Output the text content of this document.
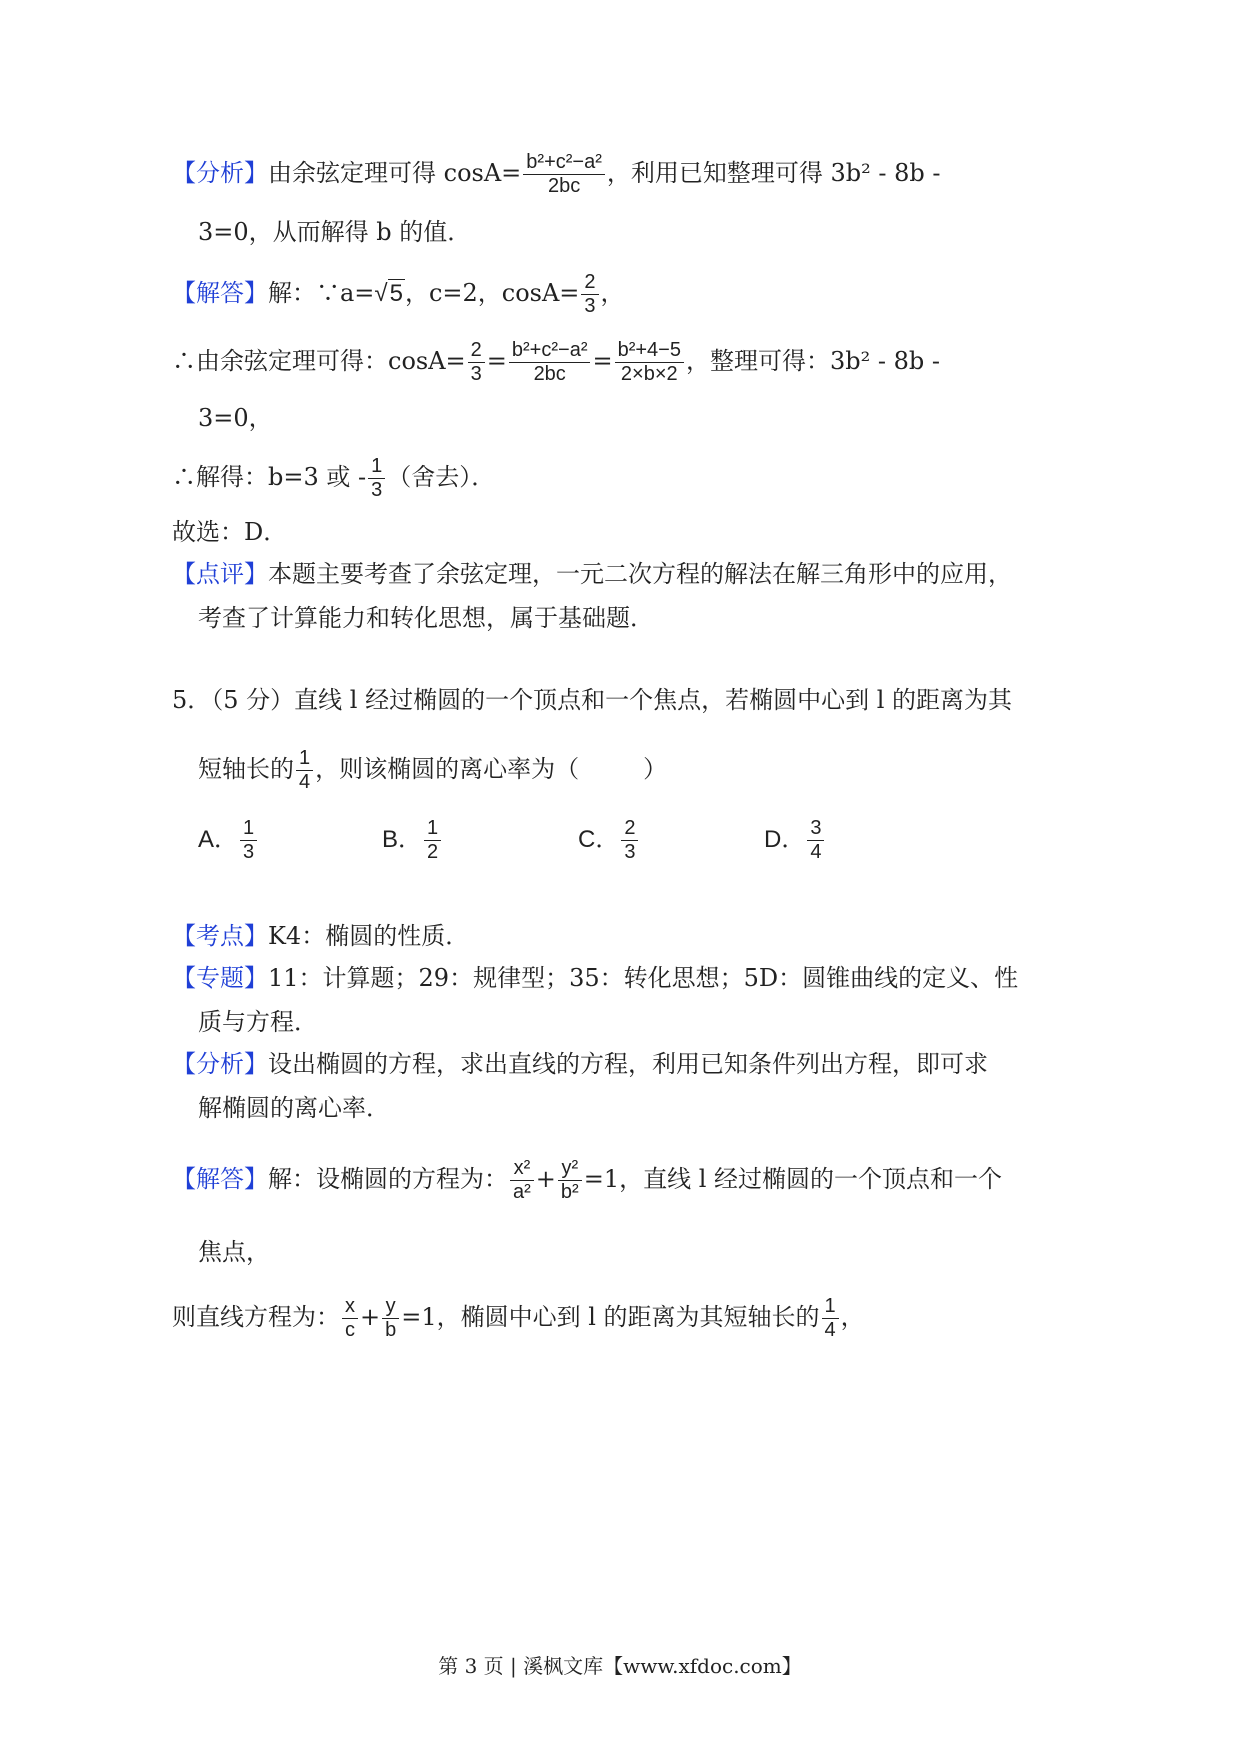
【分析】由余弦定理可得 $\cos A= \frac{\text{b²+c²−a²}}{2bc}$ ，利用已知整理可得 3b² - 8b -
3=0，从而解得 b 的值．
【解答】解：∵a=√5，c=2，$\cos A= \frac{2}{3}$ ，
∴由余弦定理可得：$\cos A= \frac{2}{3} = \frac{\text{b²+c²−a²}}{2bc} = \frac{\text{b²+4−5}}{2\times b\times 2}$ ，整理可得：3b² - 8b -
3=0，
∴解得：b=3 或 - $\frac{1}{3}$ （舍去）．
故选：D．
【点评】本题主要考查了余弦定理，一元二次方程的解法在解三角形中的应用，
考查了计算能力和转化思想，属于基础题．
5．（5 分）直线 l 经过椭圆的一个顶点和一个焦点，若椭圆中心到 l 的距离为其
短轴长的 $\frac{1}{4}$ ，则该椭圆的离心率为（	）
A． $\frac{1}{3}$	B． $\frac{1}{2}$	C． $\frac{2}{3}$	D． $\frac{3}{4}$
【考点】K4：椭圆的性质．
【专题】11：计算题；29：规律型；35：转化思想；5D：圆锥曲线的定义、性
质与方程．
【分析】设出椭圆的方程，求出直线的方程，利用已知条件列出方程，即可求
解椭圆的离心率．
【解答】解：设椭圆的方程为： $\frac{\text{x²}}{\text{a²}} + \frac{\text{y²}}{\text{b²}} =1$，直线 l 经过椭圆的一个顶点和一个
焦点，
则直线方程为： $\frac{x}{c} + \frac{y}{b} =1$，椭圆中心到 l 的距离为其短轴长的 $\frac{1}{4}$ ，
第 3 页 | 溪枫文库【www.xfdoc.com】
